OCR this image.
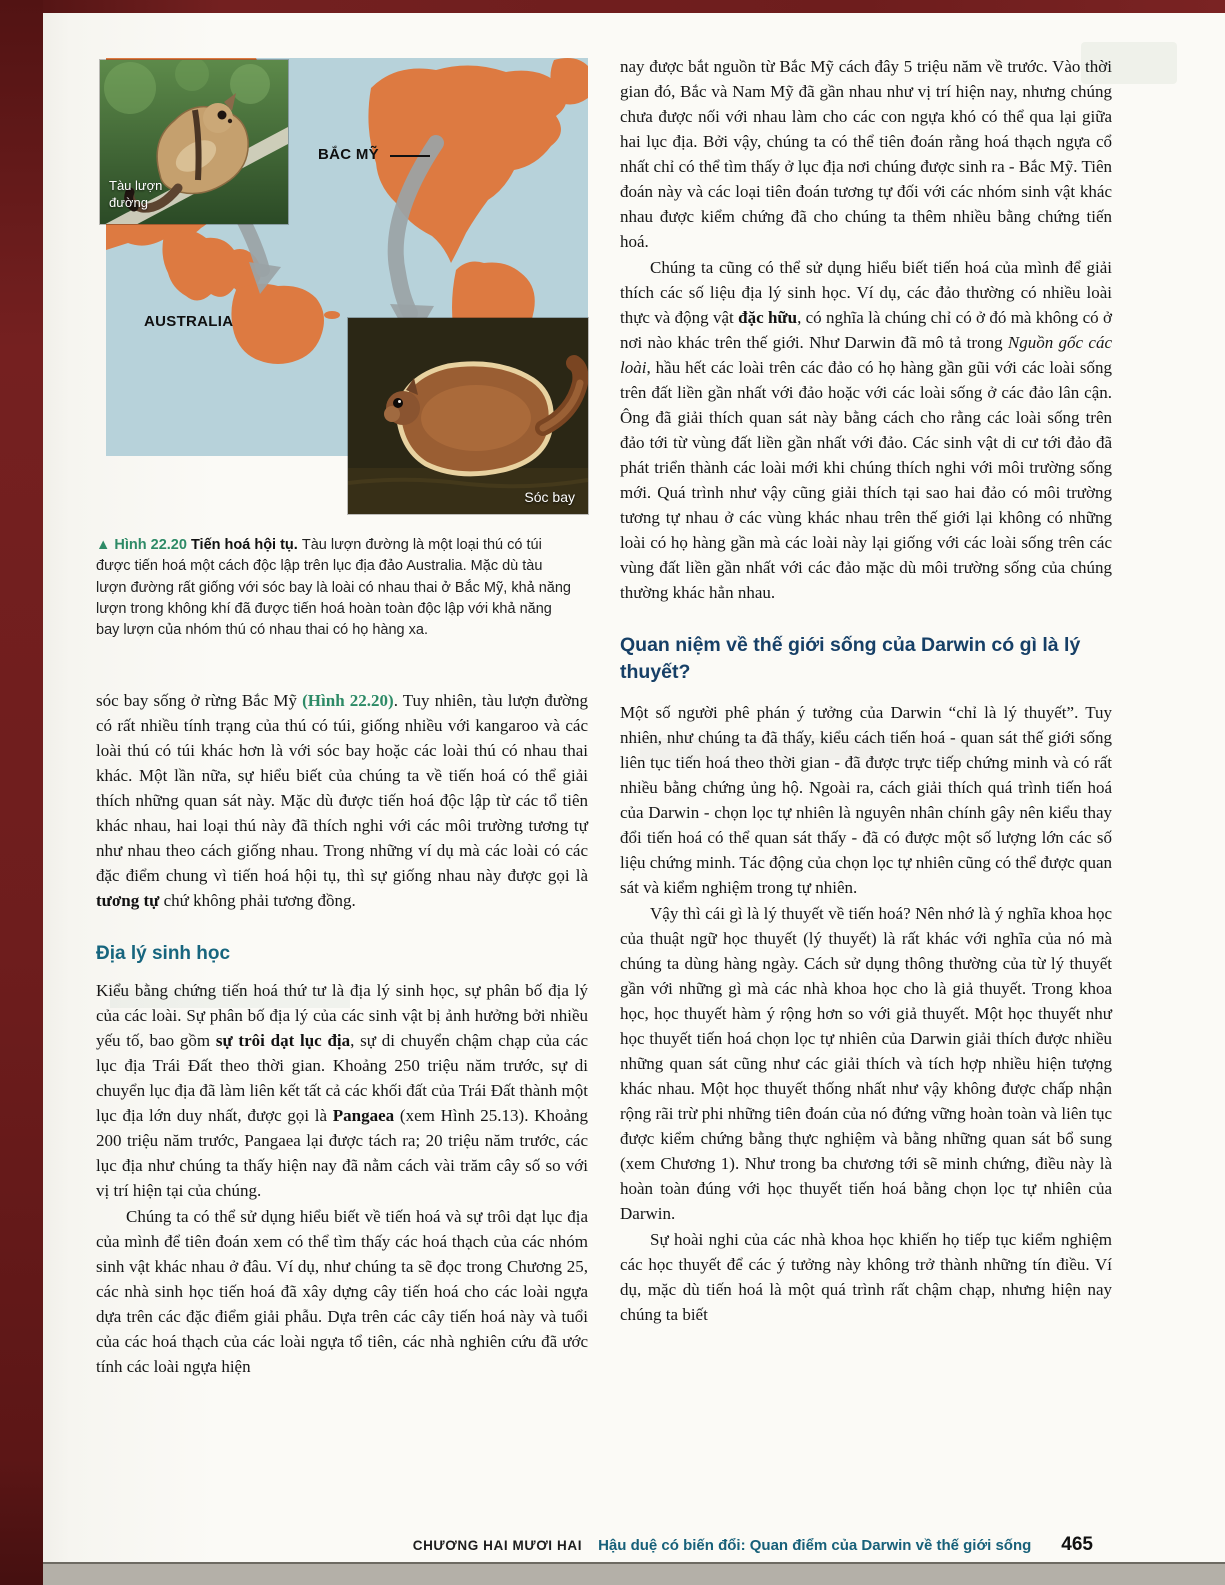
Tàu lượn đường
Sóc bay
BẮC MỸ
AUSTRALIA
▲ Hình 22.20 Tiến hoá hội tụ. Tàu lượn đường là một loại thú có túi được tiến hoá một cách độc lập trên lục địa đảo Australia. Mặc dù tàu lượn đường rất giống với sóc bay là loài có nhau thai ở Bắc Mỹ, khả năng lượn trong không khí đã được tiến hoá hoàn toàn độc lập với khả năng bay lượn của nhóm thú có nhau thai có họ hàng xa.

sóc bay sống ở rừng Bắc Mỹ (Hình 22.20). Tuy nhiên, tàu lượn đường có rất nhiều tính trạng của thú có túi, giống nhiều với kangaroo và các loài thú có túi khác hơn là với sóc bay hoặc các loài thú có nhau thai khác. Một lần nữa, sự hiểu biết của chúng ta về tiến hoá có thể giải thích những quan sát này. Mặc dù được tiến hoá độc lập từ các tổ tiên khác nhau, hai loại thú này đã thích nghi với các môi trường tương tự như nhau theo cách giống nhau. Trong những ví dụ mà các loài có các đặc điểm chung vì tiến hoá hội tụ, thì sự giống nhau này được gọi là tương tự chứ không phải tương đồng.

Địa lý sinh học

Kiểu bằng chứng tiến hoá thứ tư là địa lý sinh học, sự phân bố địa lý của các loài. Sự phân bố địa lý của các sinh vật bị ảnh hưởng bởi nhiều yếu tố, bao gồm sự trôi dạt lục địa, sự di chuyển chậm chạp của các lục địa Trái Đất theo thời gian. Khoảng 250 triệu năm trước, sự di chuyển lục địa đã làm liên kết tất cả các khối đất của Trái Đất thành một lục địa lớn duy nhất, được gọi là Pangaea (xem Hình 25.13). Khoảng 200 triệu năm trước, Pangaea lại được tách ra; 20 triệu năm trước, các lục địa như chúng ta thấy hiện nay đã nằm cách vài trăm cây số so với vị trí hiện tại của chúng.

Chúng ta có thể sử dụng hiểu biết về tiến hoá và sự trôi dạt lục địa của mình để tiên đoán xem có thể tìm thấy các hoá thạch của các nhóm sinh vật khác nhau ở đâu. Ví dụ, như chúng ta sẽ đọc trong Chương 25, các nhà sinh học tiến hoá đã xây dựng cây tiến hoá cho các loài ngựa dựa trên các đặc điểm giải phẫu. Dựa trên các cây tiến hoá này và tuổi của các hoá thạch của các loài ngựa tổ tiên, các nhà nghiên cứu đã ước tính các loài ngựa hiện

nay được bắt nguồn từ Bắc Mỹ cách đây 5 triệu năm về trước. Vào thời gian đó, Bắc và Nam Mỹ đã gần nhau như vị trí hiện nay, nhưng chúng chưa được nối với nhau làm cho các con ngựa khó có thể qua lại giữa hai lục địa. Bởi vậy, chúng ta có thể tiên đoán rằng hoá thạch ngựa cổ nhất chỉ có thể tìm thấy ở lục địa nơi chúng được sinh ra - Bắc Mỹ. Tiên đoán này và các loại tiên đoán tương tự đối với các nhóm sinh vật khác nhau được kiểm chứng đã cho chúng ta thêm nhiều bằng chứng tiến hoá.

Chúng ta cũng có thể sử dụng hiểu biết tiến hoá của mình để giải thích các số liệu địa lý sinh học. Ví dụ, các đảo thường có nhiều loài thực và động vật đặc hữu, có nghĩa là chúng chỉ có ở đó mà không có ở nơi nào khác trên thế giới. Như Darwin đã mô tả trong Nguồn gốc các loài, hầu hết các loài trên các đảo có họ hàng gần gũi với các loài sống trên đất liền gần nhất với đảo hoặc với các loài sống ở các đảo lân cận. Ông đã giải thích quan sát này bằng cách cho rằng các loài sống trên đảo tới từ vùng đất liền gần nhất với đảo. Các sinh vật di cư tới đảo đã phát triển thành các loài mới khi chúng thích nghi với môi trường sống mới. Quá trình như vậy cũng giải thích tại sao hai đảo có môi trường tương tự nhau ở các vùng khác nhau trên thế giới lại không có những loài có họ hàng gần mà các loài này lại giống với các loài sống trên các vùng đất liền gần nhất với các đảo mặc dù môi trường sống của chúng thường khác hẳn nhau.

Quan niệm về thế giới sống của Darwin có gì là lý thuyết?

Một số người phê phán ý tưởng của Darwin “chỉ là lý thuyết”. Tuy nhiên, như chúng ta đã thấy, kiểu cách tiến hoá - quan sát thế giới sống liên tục tiến hoá theo thời gian - đã được trực tiếp chứng minh và có rất nhiều bằng chứng ủng hộ. Ngoài ra, cách giải thích quá trình tiến hoá của Darwin - chọn lọc tự nhiên là nguyên nhân chính gây nên kiểu thay đổi tiến hoá có thể quan sát thấy - đã có được một số lượng lớn các số liệu chứng minh. Tác động của chọn lọc tự nhiên cũng có thể được quan sát và kiểm nghiệm trong tự nhiên.

Vậy thì cái gì là lý thuyết về tiến hoá? Nên nhớ là ý nghĩa khoa học của thuật ngữ học thuyết (lý thuyết) là rất khác với nghĩa của nó mà chúng ta dùng hàng ngày. Cách sử dụng thông thường của từ lý thuyết gần với những gì mà các nhà khoa học cho là giả thuyết. Trong khoa học, học thuyết hàm ý rộng hơn so với giả thuyết. Một học thuyết như học thuyết tiến hoá chọn lọc tự nhiên của Darwin giải thích được nhiều những quan sát cũng như các giải thích và tích hợp nhiều hiện tượng khác nhau. Một học thuyết thống nhất như vậy không được chấp nhận rộng rãi trừ phi những tiên đoán của nó đứng vững hoàn toàn và liên tục được kiểm chứng bằng thực nghiệm và bằng những quan sát bổ sung (xem Chương 1). Như trong ba chương tới sẽ minh chứng, điều này là hoàn toàn đúng với học thuyết tiến hoá bằng chọn lọc tự nhiên của Darwin.

Sự hoài nghi của các nhà khoa học khiến họ tiếp tục kiểm nghiệm các học thuyết để các ý tưởng này không trở thành những tín điều. Ví dụ, mặc dù tiến hoá là một quá trình rất chậm chạp, nhưng hiện nay chúng ta biết

CHƯƠNG HAI MƯƠI HAI Hậu duệ có biến đổi: Quan điểm của Darwin về thế giới sống 465
